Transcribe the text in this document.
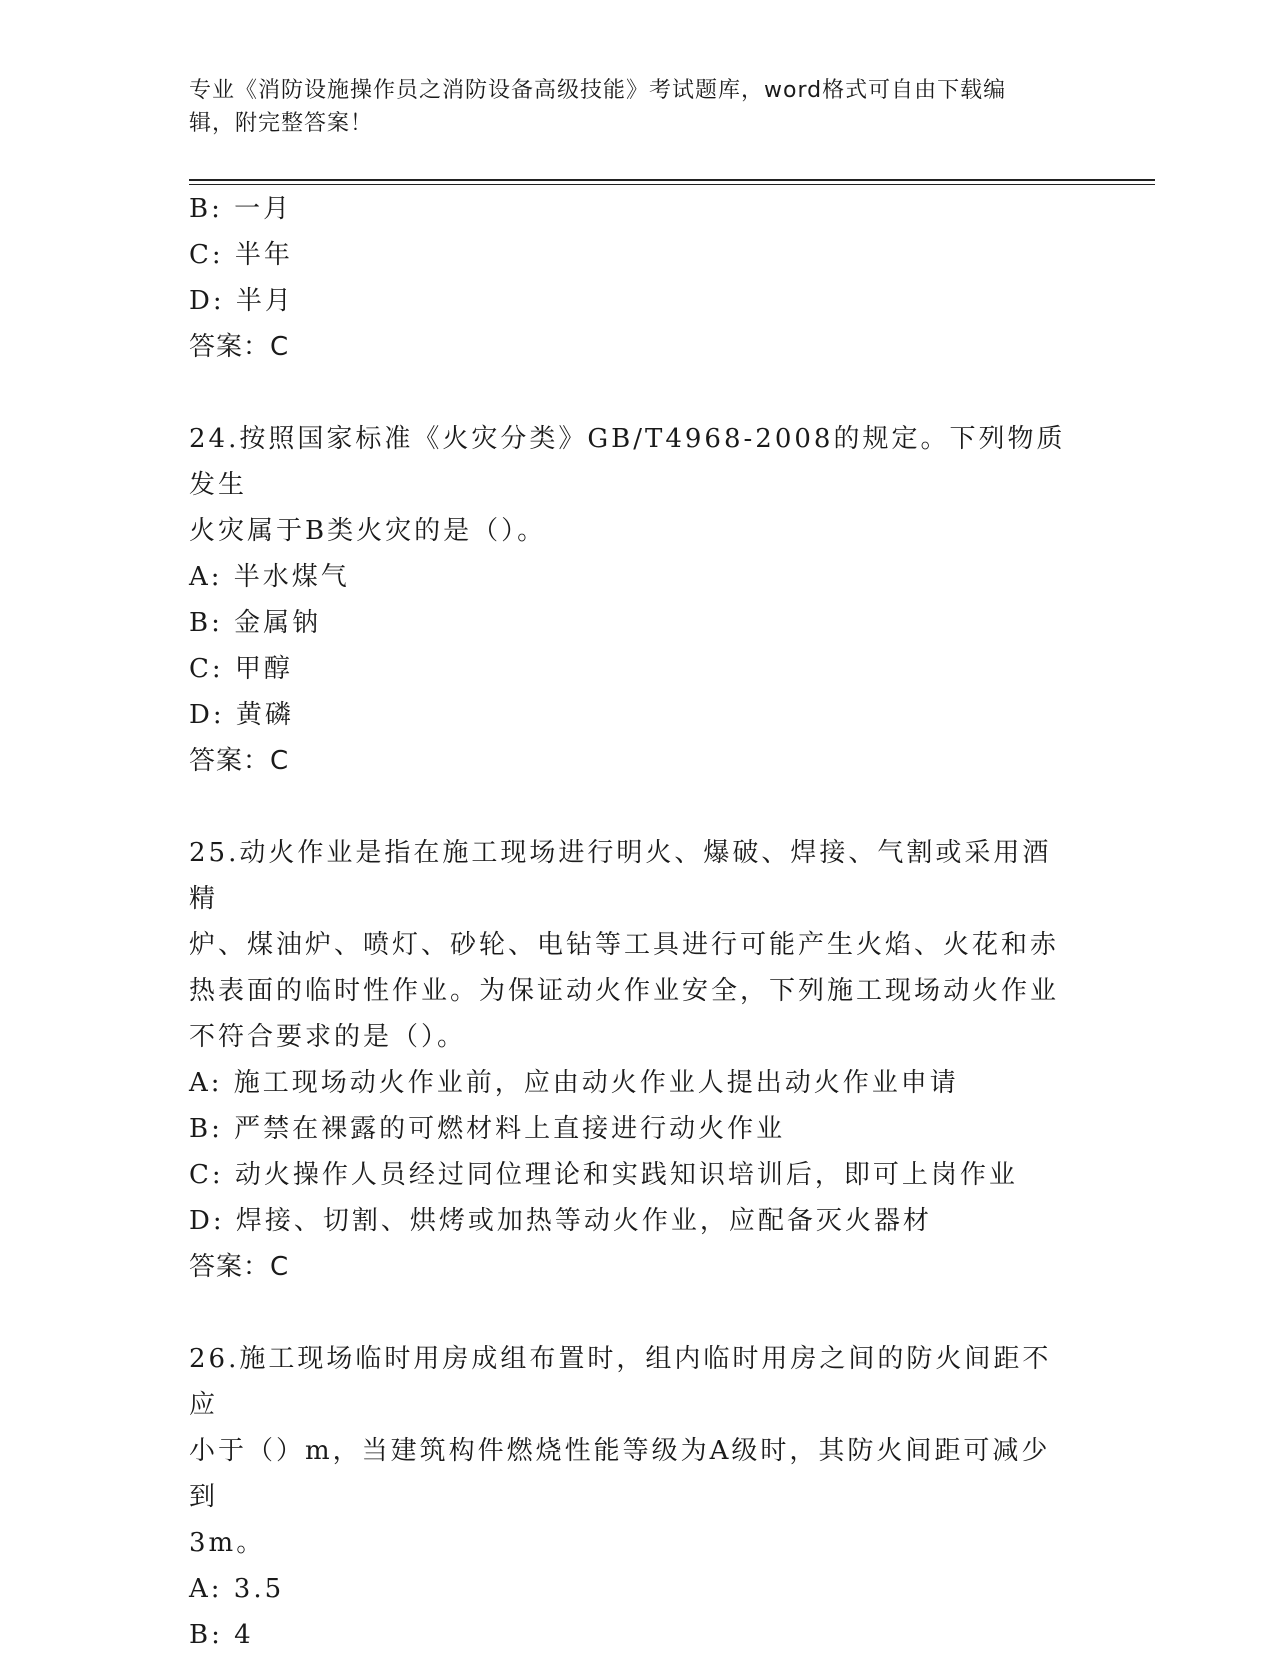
专业《消防设施操作员之消防设备高级技能》考试题库，word格式可自由下载编
辑，附完整答案！

B: 一月

C: 半年

D: 半月

答案：C

24.按照国家标准《火灾分类》GB/T4968-2008的规定。下列物质发生

火灾属于B类火灾的是（）。

A: 半水煤气

B: 金属钠

C: 甲醇

D: 黄磷

答案：C

25.动火作业是指在施工现场进行明火、爆破、焊接、气割或采用酒精

炉、煤油炉、喷灯、砂轮、电钻等工具进行可能产生火焰、火花和赤

热表面的临时性作业。为保证动火作业安全，下列施工现场动火作业

不符合要求的是（）。

A: 施工现场动火作业前，应由动火作业人提出动火作业申请

B: 严禁在裸露的可燃材料上直接进行动火作业

C: 动火操作人员经过同位理论和实践知识培训后，即可上岗作业

D: 焊接、切割、烘烤或加热等动火作业，应配备灭火器材

答案：C

26.施工现场临时用房成组布置时，组内临时用房之间的防火间距不应

小于（）m，当建筑构件燃烧性能等级为A级时，其防火间距可减少到

3m。

A: 3.5

B: 4
